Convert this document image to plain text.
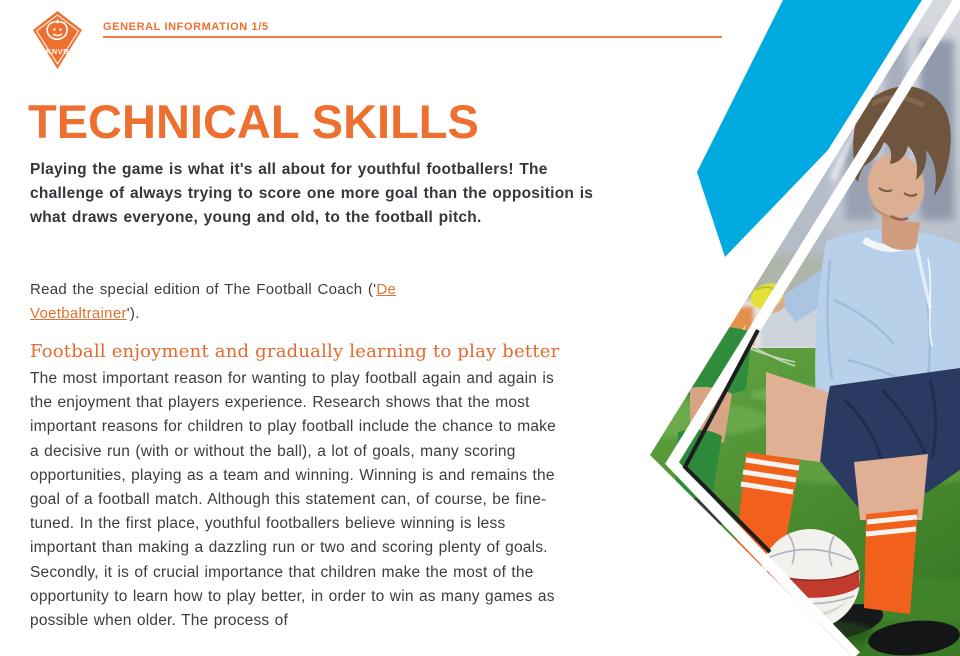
KNVB
GENERAL INFORMATION 1/5
TECHNICAL SKILLS

Playing the game is what it's all about for youthful footballers! The challenge of always trying to score one more goal than the opposition is what draws everyone, young and old, to the football pitch.

Read the special edition of The Football Coach ('De Voetbaltrainer').

Football enjoyment and gradually learning to play better

The most important reason for wanting to play football again and again is the enjoyment that players experience. Research shows that the most important reasons for children to play football include the chance to make a decisive run (with or without the ball), a lot of goals, many scoring opportunities, playing as a team and winning. Winning is and remains the goal of a football match. Although this statement can, of course, be fine-tuned. In the first place, youthful footballers believe winning is less important than making a dazzling run or two and scoring plenty of goals. Secondly, it is of crucial importance that children make the most of the opportunity to learn how to play better, in order to win as many games as possible when older. The process of
